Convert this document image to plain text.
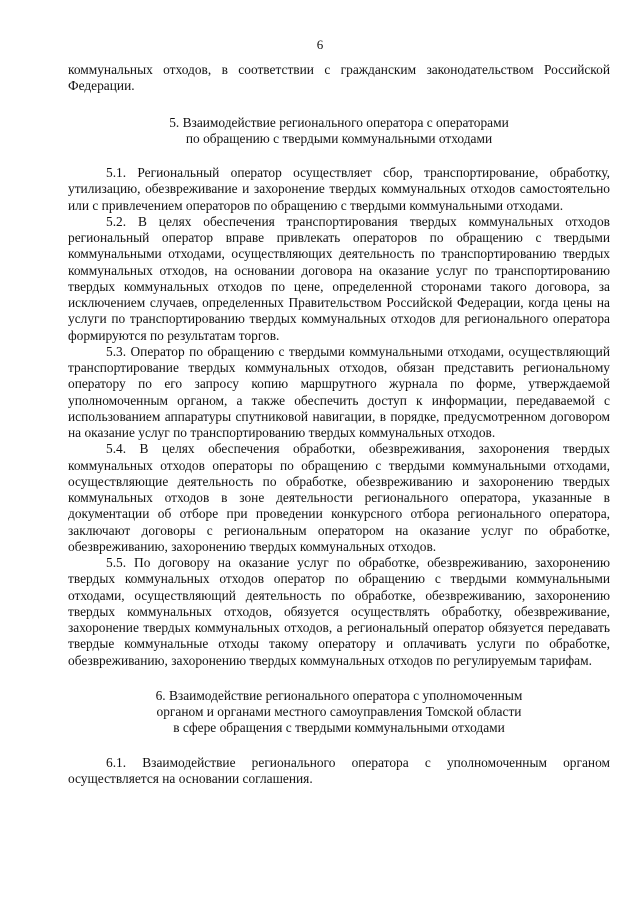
6

коммунальных отходов, в соответствии с гражданским законодательством Российской Федерации.

5. Взаимодействие регионального оператора с операторами
по обращению с твердыми коммунальными отходами

5.1. Региональный оператор осуществляет сбор, транспортирование, обработку, утилизацию, обезвреживание и захоронение твердых коммунальных отходов самостоятельно или с привлечением операторов по обращению с твердыми коммунальными отходами.

5.2. В целях обеспечения транспортирования твердых коммунальных отходов региональный оператор вправе привлекать операторов по обращению с твердыми коммунальными отходами, осуществляющих деятельность по транспортированию твердых коммунальных отходов, на основании договора на оказание услуг по транспортированию твердых коммунальных отходов по цене, определенной сторонами такого договора, за исключением случаев, определенных Правительством Российской Федерации, когда цены на услуги по транспортированию твердых коммунальных отходов для регионального оператора формируются по результатам торгов.

5.3. Оператор по обращению с твердыми коммунальными отходами, осуществляющий транспортирование твердых коммунальных отходов, обязан представить региональному оператору по его запросу копию маршрутного журнала по форме, утверждаемой уполномоченным органом, а также обеспечить доступ к информации, передаваемой с использованием аппаратуры спутниковой навигации, в порядке, предусмотренном договором на оказание услуг по транспортированию твердых коммунальных отходов.

5.4. В целях обеспечения обработки, обезвреживания, захоронения твердых коммунальных отходов операторы по обращению с твердыми коммунальными отходами, осуществляющие деятельность по обработке, обезвреживанию и захоронению твердых коммунальных отходов в зоне деятельности регионального оператора, указанные в документации об отборе при проведении конкурсного отбора регионального оператора, заключают договоры с региональным оператором на оказание услуг по обработке, обезвреживанию, захоронению твердых коммунальных отходов.

5.5. По договору на оказание услуг по обработке, обезвреживанию, захоронению твердых коммунальных отходов оператор по обращению с твердыми коммунальными отходами, осуществляющий деятельность по обработке, обезвреживанию, захоронению твердых коммунальных отходов, обязуется осуществлять обработку, обезвреживание, захоронение твердых коммунальных отходов, а региональный оператор обязуется передавать твердые коммунальные отходы такому оператору и оплачивать услуги по обработке, обезвреживанию, захоронению твердых коммунальных отходов по регулируемым тарифам.

6. Взаимодействие регионального оператора с уполномоченным
органом и органами местного самоуправления Томской области
в сфере обращения с твердыми коммунальными отходами

6.1. Взаимодействие регионального оператора с уполномоченным органом осуществляется на основании соглашения.
